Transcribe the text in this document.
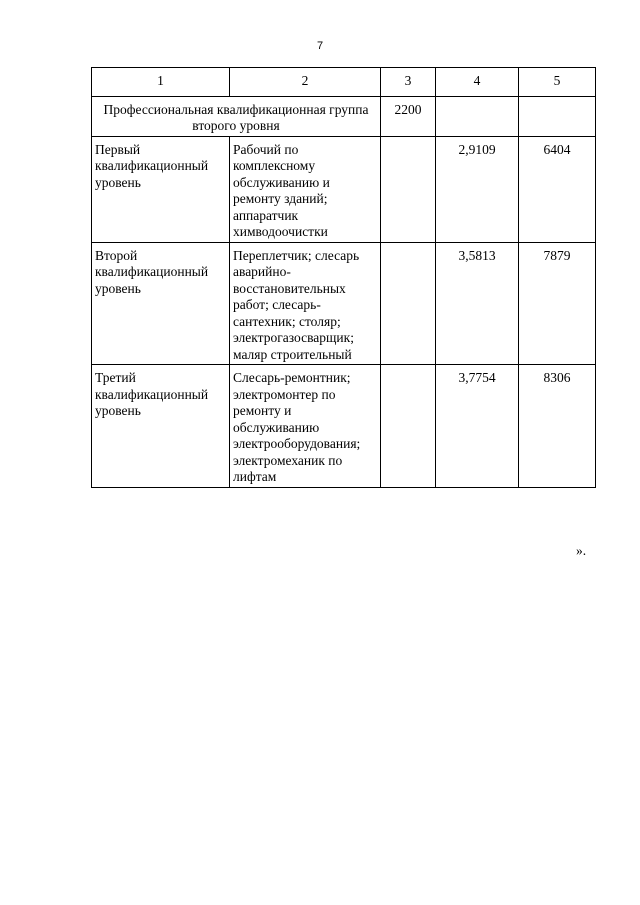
7
1	2	3	4	5
Профессиональная квалификационная группа второго уровня		2200		
Первый квалификационный уровень	Рабочий по комплексному обслуживанию и ремонту зданий; аппаратчик химводоочистки		2,9109	6404
Второй квалификационный уровень	Переплетчик; слесарь аварийно-восстановительных работ; слесарь-сантехник; столяр; электрогазосварщик; маляр строительный		3,5813	7879
Третий квалификационный уровень	Слесарь-ремонтник; электромонтер по ремонту и обслуживанию электрооборудования; электромеханик по лифтам		3,7754	8306
».
